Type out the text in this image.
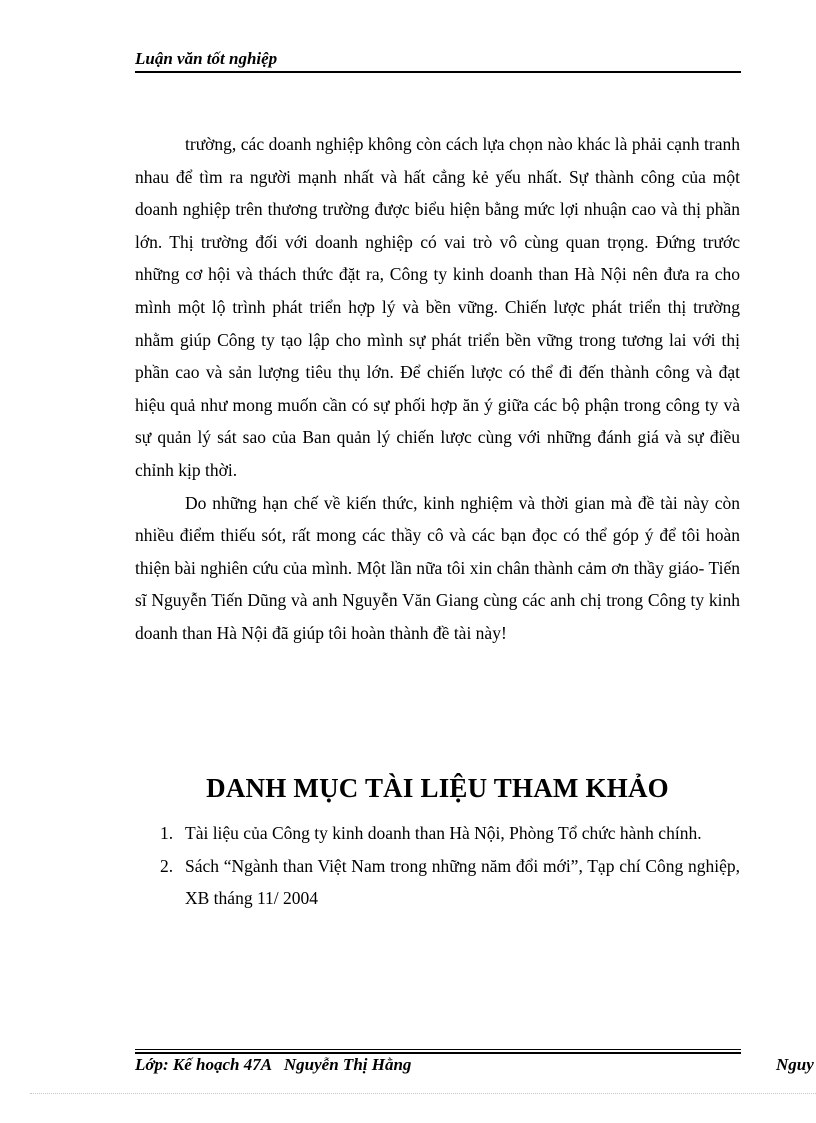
Luận văn tốt nghiệp

trường, các doanh nghiệp không còn cách lựa chọn nào khác là phải cạnh tranh nhau để tìm ra người mạnh nhất và hất cẳng kẻ yếu nhất. Sự thành công của một doanh nghiệp trên thương trường được biểu hiện bằng mức lợi nhuận cao và thị phần lớn. Thị trường đối với doanh nghiệp có vai trò vô cùng quan trọng. Đứng trước những cơ hội và thách thức đặt ra, Công ty kinh doanh than Hà Nội nên đưa ra cho mình một lộ trình phát triển hợp lý và bền vững. Chiến lược phát triển thị trường nhằm giúp Công ty tạo lập cho mình sự phát triển bền vững trong tương lai với thị phần cao và sản lượng tiêu thụ lớn. Để chiến lược có thể đi đến thành công và đạt hiệu quả như mong muốn cần có sự phối hợp ăn ý giữa các bộ phận trong công ty và sự quản lý sát sao của Ban quản lý chiến lược cùng với những đánh giá và sự điều chỉnh kịp thời.

Do những hạn chế về kiến thức, kinh nghiệm và thời gian mà đề tài này còn nhiều điểm thiếu sót, rất mong các thầy cô và các bạn đọc có thể góp ý để tôi hoàn thiện bài nghiên cứu của mình. Một lần nữa tôi xin chân thành cảm ơn thầy giáo- Tiến sĩ Nguyễn Tiến Dũng và anh Nguyễn Văn Giang cùng các anh chị trong Công ty kinh doanh than Hà Nội đã giúp tôi hoàn thành đề tài này!

DANH MỤC TÀI LIỆU THAM KHẢO
1. Tài liệu của Công ty kinh doanh than Hà Nội, Phòng Tổ chức hành chính.
2. Sách “Ngành than Việt Nam trong những năm đổi mới”, Tạp chí Công nghiệp, XB tháng 11/ 2004
Lớp: Kế hoạch 47A   Nguyễn Thị Hằng	Nguy
